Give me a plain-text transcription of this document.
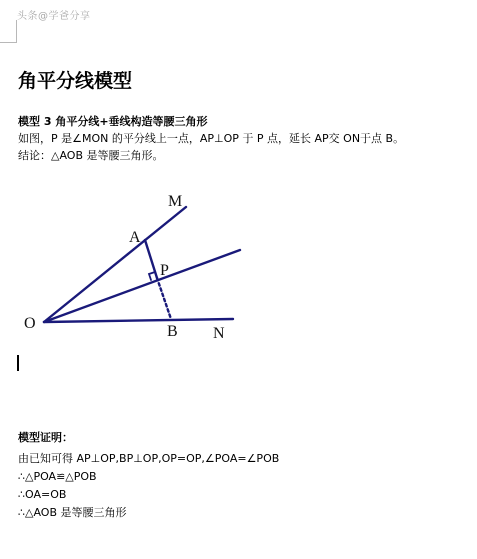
头条@学爸分享
角平分线模型

模型 3 角平分线+垂线构造等腰三角形

如图，P 是∠MON 的平分线上一点，AP⊥OP 于 P 点，延长 AP交 ON于点 B。

结论：△AOB 是等腰三角形。

M
A
P
O	B N

模型证明：

由已知可得 AP⊥OP,BP⊥OP,OP=OP,∠POA=∠POB

∴△POA≌△POB

∴OA=OB

∴△AOB 是等腰三角形
